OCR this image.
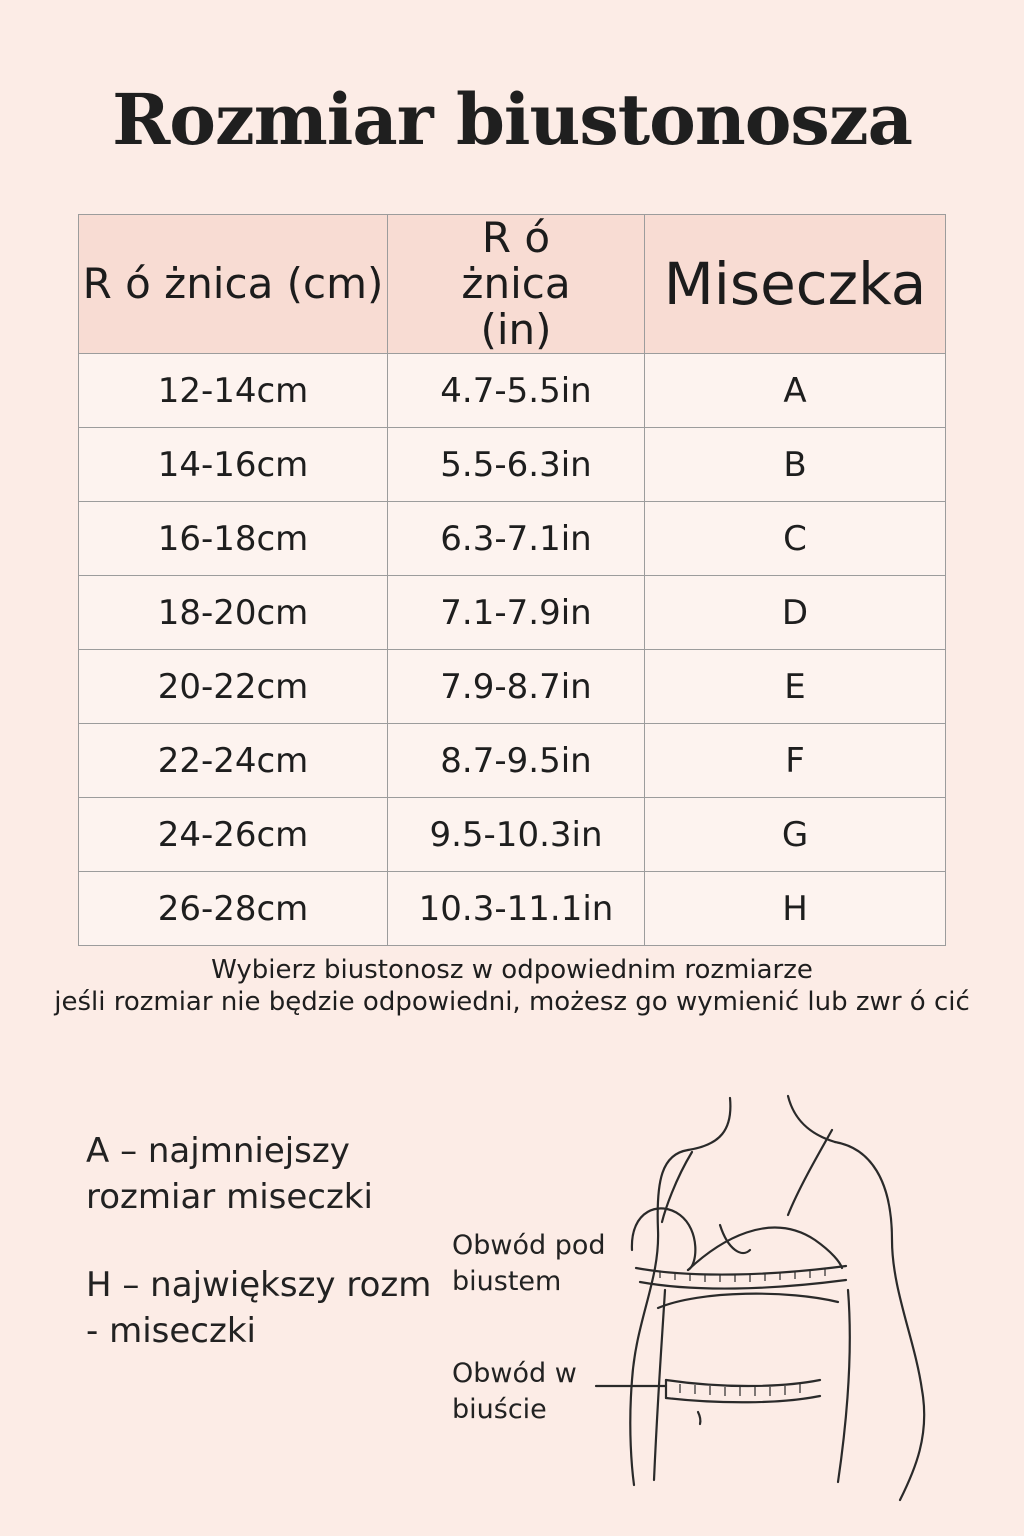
Rozmiar biustonosza
R ó żnica (cm)	R ó żnica (in)	Miseczka
12-14cm	4.7-5.5in	A
14-16cm	5.5-6.3in	B
16-18cm	6.3-7.1in	C
18-20cm	7.1-7.9in	D
20-22cm	7.9-8.7in	E
22-24cm	8.7-9.5in	F
24-26cm	9.5-10.3in	G
26-28cm	10.3-11.1in	H
Wybierz biustonosz w odpowiednim rozmiarze
jeśli rozmiar nie będzie odpowiedni, możesz go wymienić lub zwr ó cić
A – najmniejszy rozmiar miseczki
H – największy rozm - miseczki
Obwód pod biustem
Obwód w biuście
